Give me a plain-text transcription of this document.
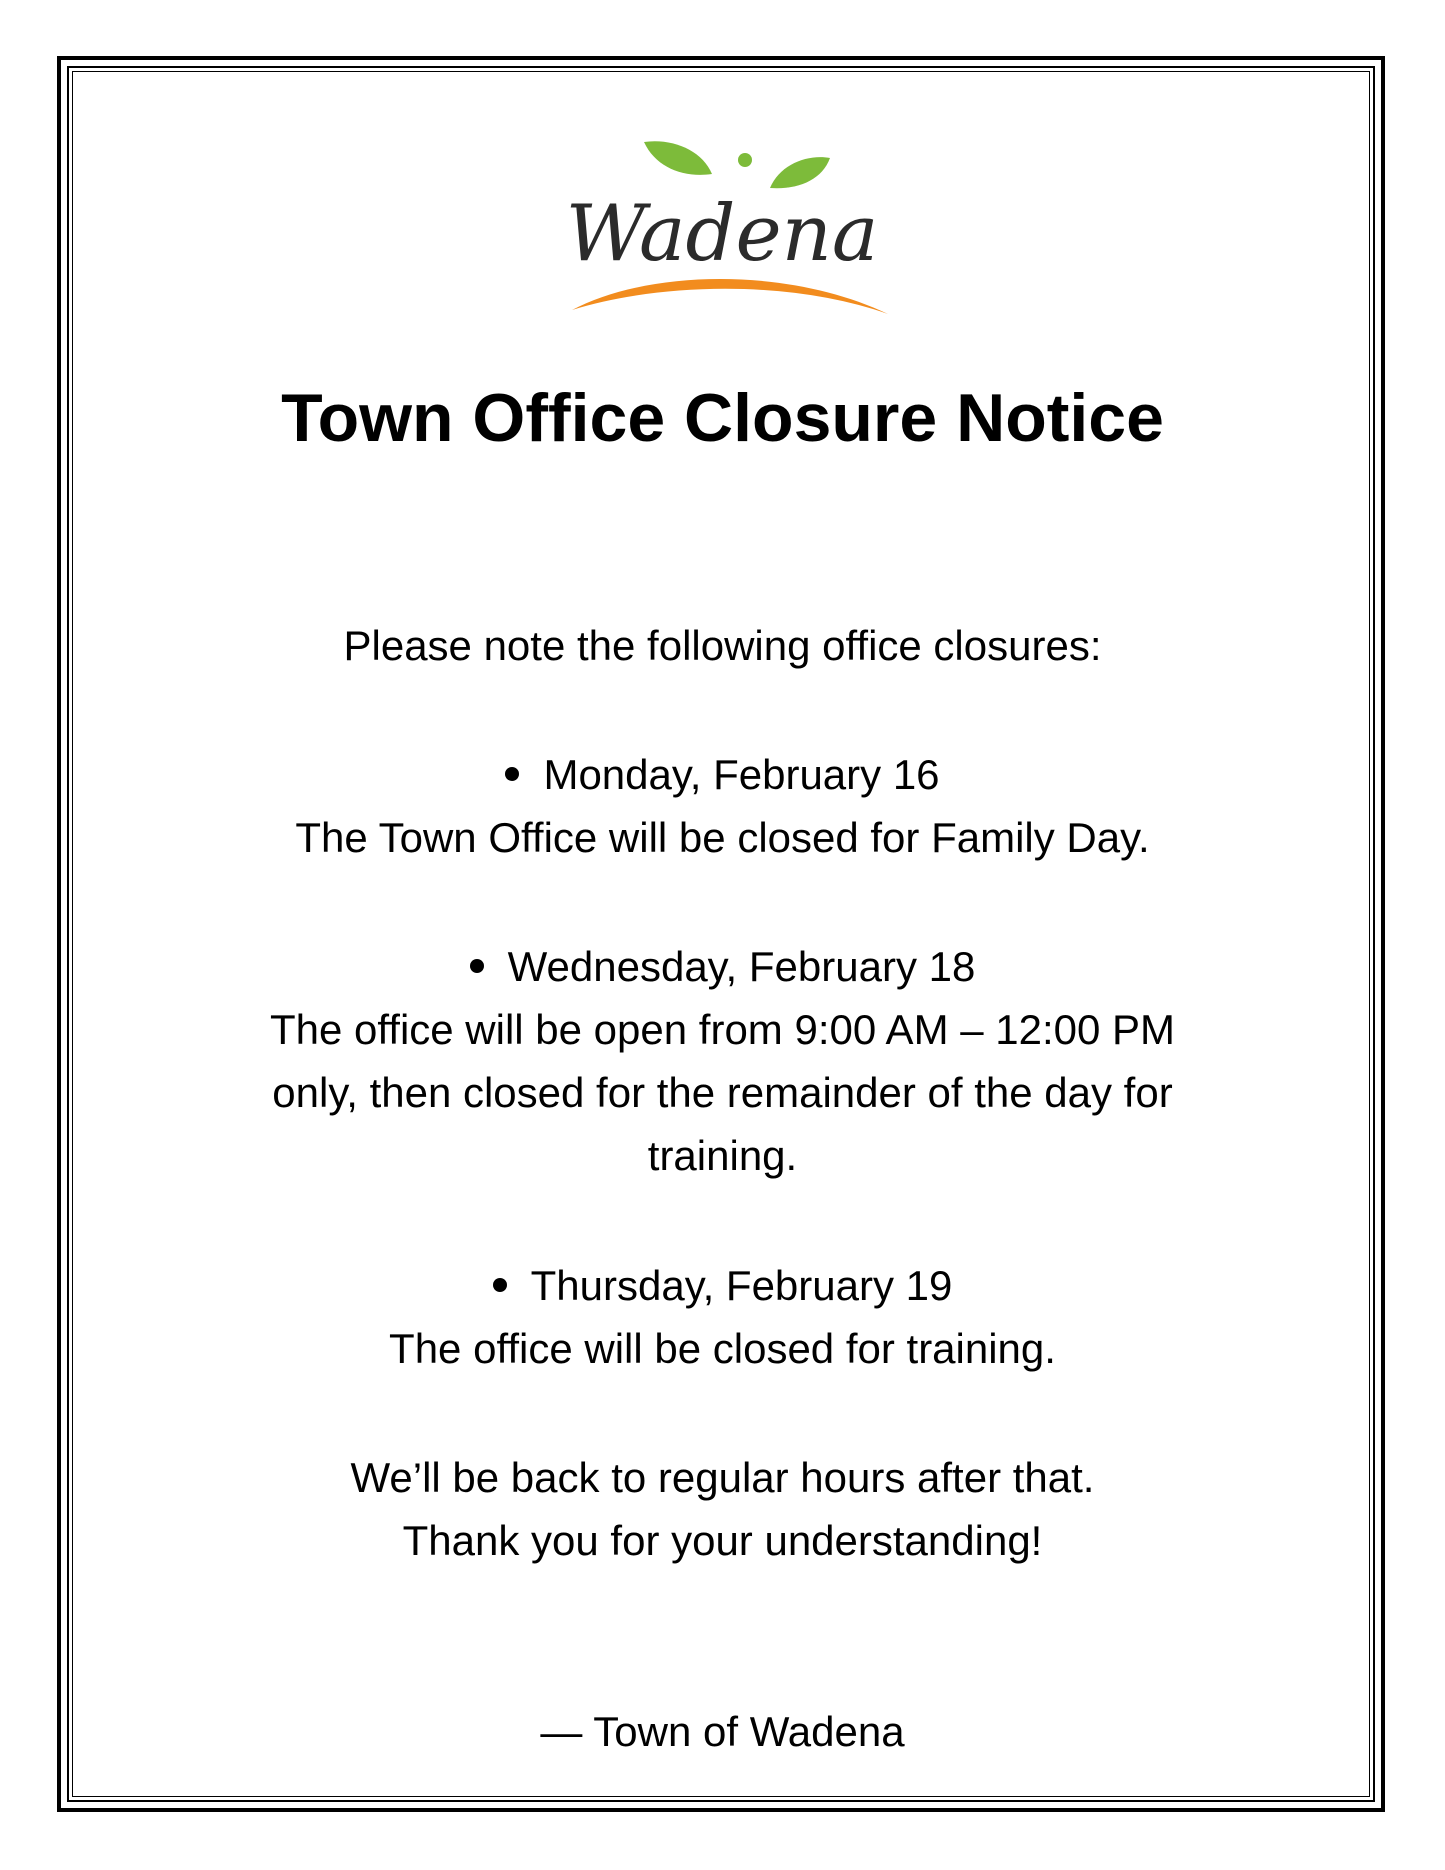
Wadena
Town Office Closure Notice
Please note the following office closures:
Monday, February 16
The Town Office will be closed for Family Day.
Wednesday, February 18
The office will be open from 9:00 AM – 12:00 PM
only, then closed for the remainder of the day for
training.
Thursday, February 19
The office will be closed for training.
We’ll be back to regular hours after that.
Thank you for your understanding!
— Town of Wadena
